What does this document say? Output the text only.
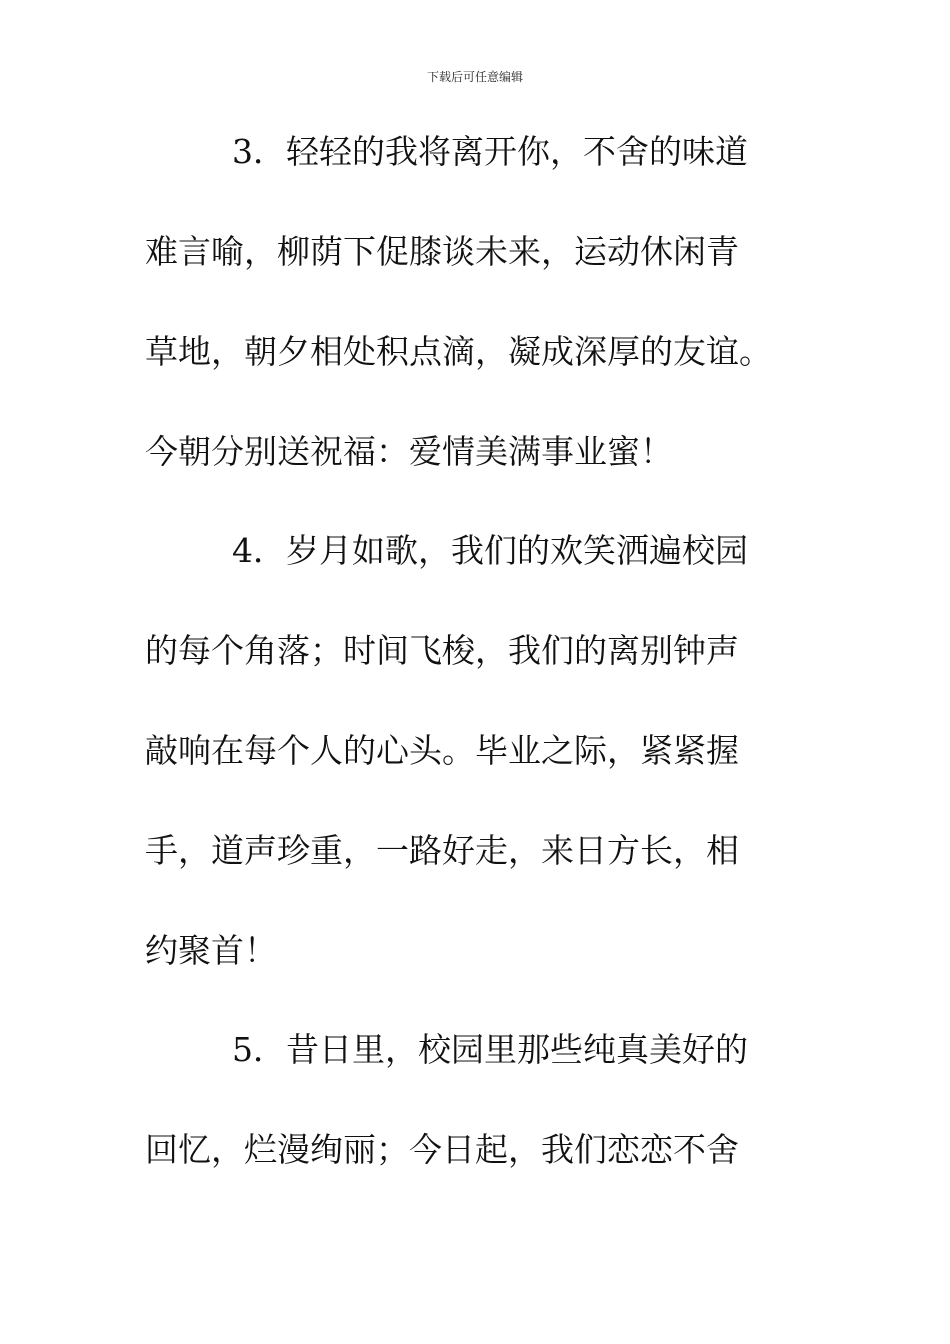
下载后可任意编辑
3．轻轻的我将离开你，不舍的味道
难言喻，柳荫下促膝谈未来，运动休闲青
草地，朝夕相处积点滴，凝成深厚的友谊。
今朝分别送祝福：爱情美满事业蜜！
4．岁月如歌，我们的欢笑洒遍校园
的每个角落；时间飞梭，我们的离别钟声
敲响在每个人的心头。毕业之际，紧紧握
手，道声珍重，一路好走，来日方长，相
约聚首！
5．昔日里，校园里那些纯真美好的
回忆，烂漫绚丽；今日起，我们恋恋不舍
